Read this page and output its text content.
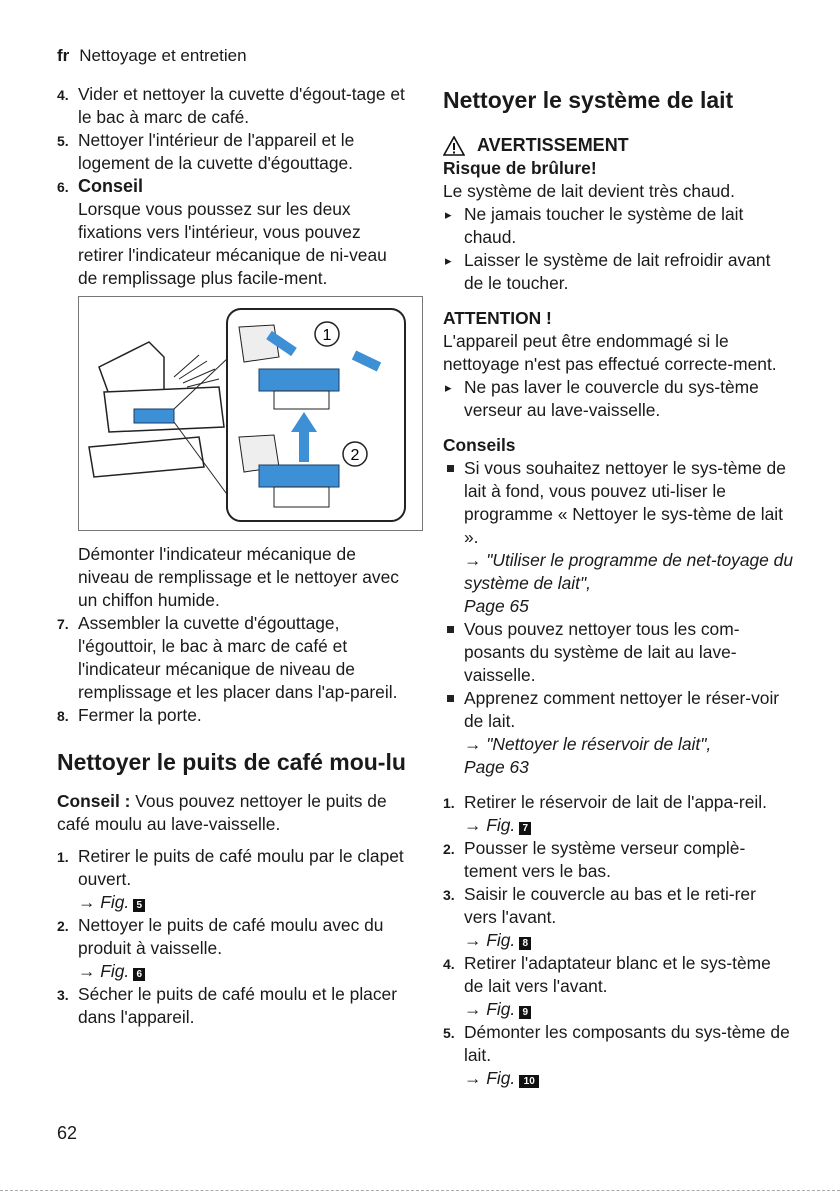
fr Nettoyage et entretien
4. Vider et nettoyer la cuvette d'égout-tage et le bac à marc de café.

5. Nettoyer l'intérieur de l'appareil et le logement de la cuvette d'égouttage.

6. Conseil

Lorsque vous poussez sur les deux fixations vers l'intérieur, vous pouvez retirer l'indicateur mécanique de ni-veau de remplissage plus facile-ment.

1
2

Démonter l'indicateur mécanique de niveau de remplissage et le nettoyer avec un chiffon humide.

7. Assembler la cuvette d'égouttage, l'égouttoir, le bac à marc de café et l'indicateur mécanique de niveau de remplissage et les placer dans l'ap-pareil.

8. Fermer la porte.

Nettoyer le puits de café mou-lu

Conseil : Vous pouvez nettoyer le puits de café moulu au lave-vaisselle.

1. Retirer le puits de café moulu par le clapet ouvert.

→ Fig. 5

2. Nettoyer le puits de café moulu avec du produit à vaisselle.

→ Fig. 6

3. Sécher le puits de café moulu et le placer dans l'appareil.

Nettoyer le système de lait
AVERTISSEMENT

Risque de brûlure!

Le système de lait devient très chaud.

▸ Ne jamais toucher le système de lait chaud.

▸ Laisser le système de lait refroidir avant de le toucher.

ATTENTION !

L'appareil peut être endommagé si le nettoyage n'est pas effectué correcte-ment.

▸ Ne pas laver le couvercle du sys-tème verseur au lave-vaisselle.

Conseils

Si vous souhaitez nettoyer le sys-tème de lait à fond, vous pouvez uti-liser le programme « Nettoyer le sys-tème de lait ».

→ "Utiliser le programme de net-toyage du système de lait",

Page 65

Vous pouvez nettoyer tous les com-posants du système de lait au lave-vaisselle.

Apprenez comment nettoyer le réser-voir de lait.

→ "Nettoyer le réservoir de lait",

Page 63

1. Retirer le réservoir de lait de l'appa-reil.

→ Fig. 7

2. Pousser le système verseur complè-tement vers le bas.

3. Saisir le couvercle au bas et le reti-rer vers l'avant.

→ Fig. 8

4. Retirer l'adaptateur blanc et le sys-tème de lait vers l'avant.

→ Fig. 9

5. Démonter les composants du sys-tème de lait.

→ Fig. 10

62
